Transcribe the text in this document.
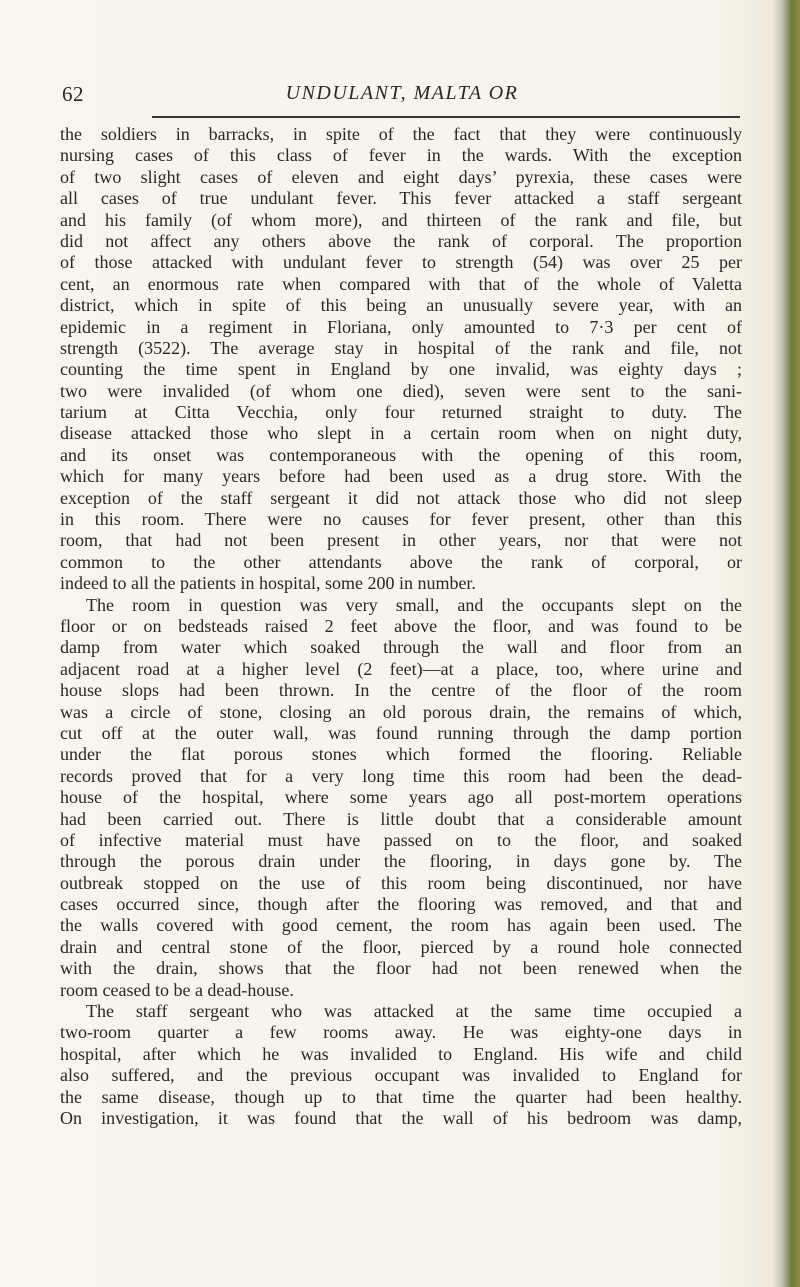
62	UNDULANT, MALTA OR
the soldiers in barracks, in spite of the fact that they were continuously
nursing cases of this class of fever in the wards. With the exception
of two slight cases of eleven and eight days’ pyrexia, these cases were
all cases of true undulant fever. This fever attacked a staff sergeant
and his family (of whom more), and thirteen of the rank and file, but
did not affect any others above the rank of corporal. The proportion
of those attacked with undulant fever to strength (54) was over 25 per
cent, an enormous rate when compared with that of the whole of Valetta
district, which in spite of this being an unusually severe year, with an
epidemic in a regiment in Floriana, only amounted to 7·3 per cent of
strength (3522). The average stay in hospital of the rank and file, not
counting the time spent in England by one invalid, was eighty days ;
two were invalided (of whom one died), seven were sent to the sani-
tarium at Citta Vecchia, only four returned straight to duty. The
disease attacked those who slept in a certain room when on night duty,
and its onset was contemporaneous with the opening of this room,
which for many years before had been used as a drug store. With the
exception of the staff sergeant it did not attack those who did not sleep
in this room. There were no causes for fever present, other than this
room, that had not been present in other years, nor that were not
common to the other attendants above the rank of corporal, or
indeed to all the patients in hospital, some 200 in number.
The room in question was very small, and the occupants slept on the
floor or on bedsteads raised 2 feet above the floor, and was found to be
damp from water which soaked through the wall and floor from an
adjacent road at a higher level (2 feet)—at a place, too, where urine and
house slops had been thrown. In the centre of the floor of the room
was a circle of stone, closing an old porous drain, the remains of which,
cut off at the outer wall, was found running through the damp portion
under the flat porous stones which formed the flooring. Reliable
records proved that for a very long time this room had been the dead-
house of the hospital, where some years ago all post-mortem operations
had been carried out. There is little doubt that a considerable amount
of infective material must have passed on to the floor, and soaked
through the porous drain under the flooring, in days gone by. The
outbreak stopped on the use of this room being discontinued, nor have
cases occurred since, though after the flooring was removed, and that and
the walls covered with good cement, the room has again been used. The
drain and central stone of the floor, pierced by a round hole connected
with the drain, shows that the floor had not been renewed when the
room ceased to be a dead-house.
The staff sergeant who was attacked at the same time occupied a
two-room quarter a few rooms away. He was eighty-one days in
hospital, after which he was invalided to England. His wife and child
also suffered, and the previous occupant was invalided to England for
the same disease, though up to that time the quarter had been healthy.
On investigation, it was found that the wall of his bedroom was damp,
